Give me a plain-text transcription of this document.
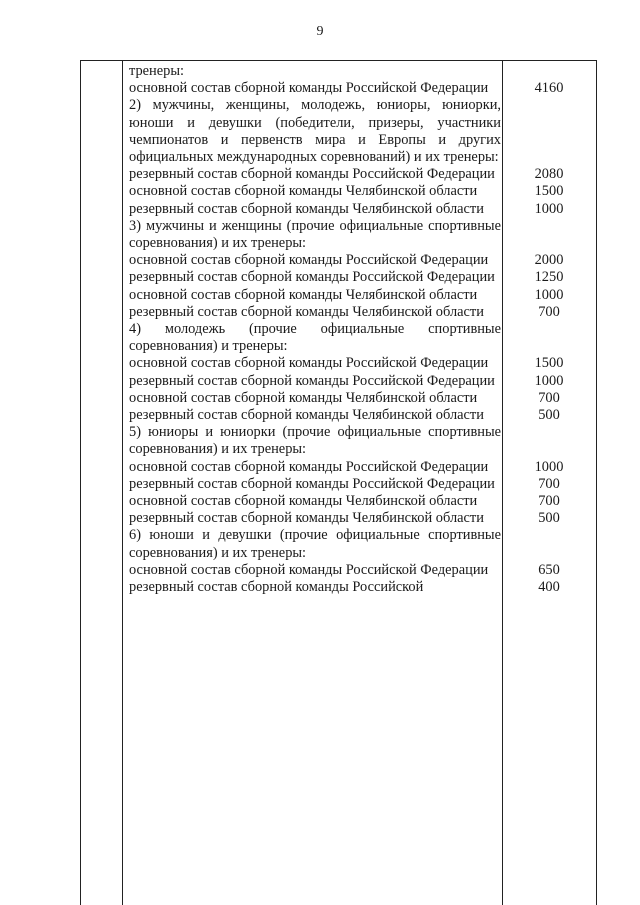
9
тренеры:
основной состав сборной команды Российской Федерации	4160
2) мужчины, женщины, молодежь, юниоры, юниорки, юноши и девушки (победители, призеры, участники чемпионатов и первенств мира и Европы и других официальных международных соревнований) и их тренеры:
резервный состав сборной команды Российской Федерации	2080
основной состав сборной команды Челябинской области	1500
резервный состав сборной команды Челябинской области	1000
3) мужчины и женщины (прочие официальные спортивные соревнования) и их тренеры:
основной состав сборной команды Российской Федерации	2000
резервный состав сборной команды Российской Федерации	1250
основной состав сборной команды Челябинской области	1000
резервный состав сборной команды Челябинской области	700
4) молодежь (прочие официальные спортивные соревнования) и тренеры:
основной состав сборной команды Российской Федерации	1500
резервный состав сборной команды Российской Федерации	1000
основной состав сборной команды Челябинской области	700
резервный состав сборной команды Челябинской области	500
5) юниоры и юниорки (прочие официальные спортивные соревнования) и их тренеры:
основной состав сборной команды Российской Федерации	1000
резервный состав сборной команды Российской Федерации	700
основной состав сборной команды Челябинской области	700
резервный состав сборной команды Челябинской области	500
6) юноши и девушки (прочие официальные спортивные соревнования) и их тренеры:
основной состав сборной команды Российской Федерации	650
резервный состав сборной команды Российской	400
